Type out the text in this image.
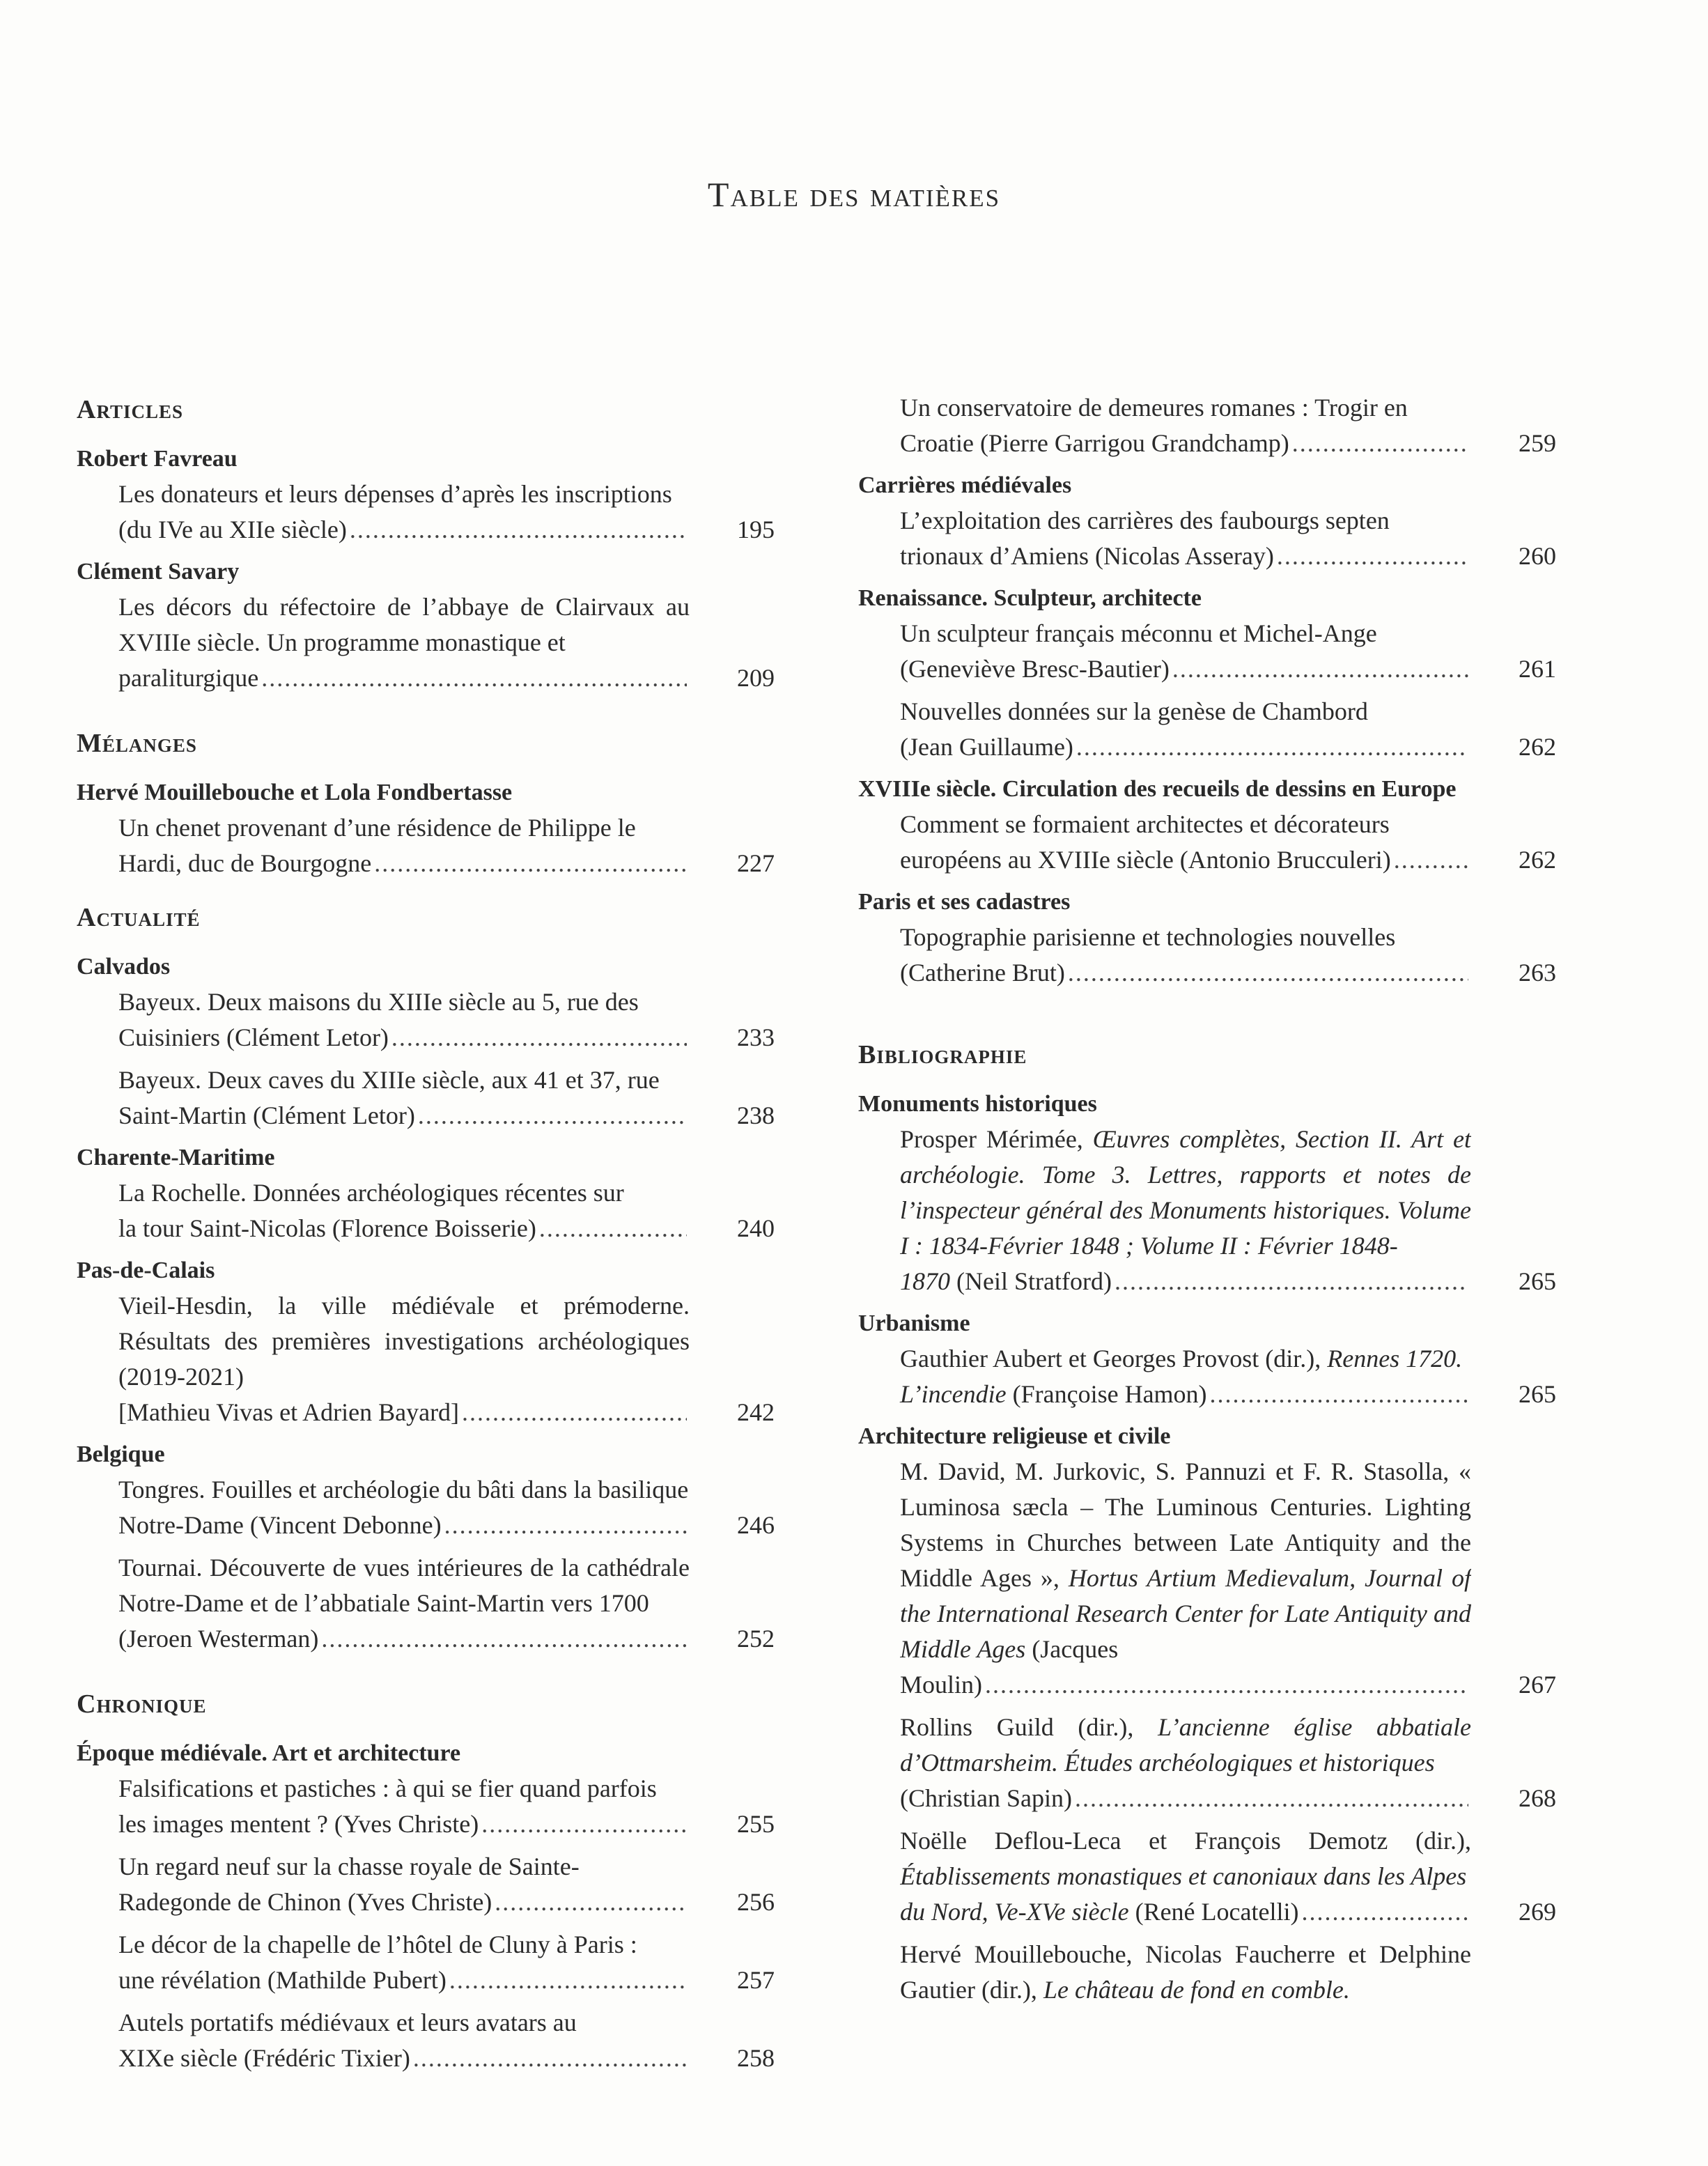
Table des matières
Articles
Robert Favreau
Les donateurs et leurs dépenses d’après les inscriptions
(du IVe au XIIe siècle) .....	195
Clément Savary
Les décors du réfectoire de l’abbaye de Clairvaux au XVIIIe siècle. Un programme monastique et
paraliturgique .....	209
Mélanges
Hervé Mouillebouche et Lola Fondbertasse
Un chenet provenant d’une résidence de Philippe le
Hardi, duc de Bourgogne .....	227
Actualité
Calvados
Bayeux. Deux maisons du XIIIe siècle au 5, rue des
Cuisiniers (Clément Letor) .....	233
Bayeux. Deux caves du XIIIe siècle, aux 41 et 37, rue
Saint-Martin (Clément Letor) .....	238
Charente-Maritime
La Rochelle. Données archéologiques récentes sur
la tour Saint-Nicolas (Florence Boisserie) .....	240
Pas-de-Calais
Vieil-Hesdin, la ville médiévale et prémoderne. Résultats des premières investigations archéologiques (2019-2021)
[Mathieu Vivas et Adrien Bayard] .....	242
Belgique
Tongres. Fouilles et archéologie du bâti dans la basilique
Notre-Dame (Vincent Debonne) .....	246
Tournai. Découverte de vues intérieures de la cathédrale Notre-Dame et de l’abbatiale Saint-Martin vers 1700
(Jeroen Westerman) .....	252
Chronique
Époque médiévale. Art et architecture
Falsifications et pastiches : à qui se fier quand parfois
les images mentent ? (Yves Christe) .....	255
Un regard neuf sur la chasse royale de Sainte-
Radegonde de Chinon (Yves Christe) .....	256
Le décor de la chapelle de l’hôtel de Cluny à Paris :
une révélation (Mathilde Pubert) .....	257
Autels portatifs médiévaux et leurs avatars au
XIXe siècle (Frédéric Tixier) .....	258
Un conservatoire de demeures romanes : Trogir en
Croatie (Pierre Garrigou Grandchamp) .....	259
Carrières médiévales
L’exploitation des carrières des faubourgs septen
trionaux d’Amiens (Nicolas Asseray) .....	260
Renaissance. Sculpteur, architecte
Un sculpteur français méconnu et Michel-Ange
(Geneviève Bresc-Bautier) .....	261
Nouvelles données sur la genèse de Chambord
(Jean Guillaume) .....	262
XVIIIe siècle. Circulation des recueils de dessins en Europe
Comment se formaient architectes et décorateurs
européens au XVIIIe siècle (Antonio Brucculeri) .....	262
Paris et ses cadastres
Topographie parisienne et technologies nouvelles
(Catherine Brut) .....	263
Bibliographie
Monuments historiques
Prosper Mérimée, Œuvres complètes, Section II. Art et archéologie. Tome 3. Lettres, rapports et notes de l’inspecteur général des Monuments historiques. Volume I : 1834-Février 1848 ; Volume II : Février 1848-
1870 (Neil Stratford) .....	265
Urbanisme
Gauthier Aubert et Georges Provost (dir.), Rennes 1720.
L’incendie (Françoise Hamon) .....	265
Architecture religieuse et civile
M. David, M. Jurkovic, S. Pannuzi et F. R. Stasolla, « Luminosa sæcla – The Luminous Centuries. Lighting Systems in Churches between Late Antiquity and the Middle Ages », Hortus Artium Medievalum, Journal of the International Research Center for Late Antiquity and Middle Ages (Jacques
Moulin) .....	267
Rollins Guild (dir.), L’ancienne église abbatiale d’Ottmarsheim. Études archéologiques et historiques
(Christian Sapin) .....	268
Noëlle Deflou-Leca et François Demotz (dir.), Établissements monastiques et canoniaux dans les Alpes
du Nord, Ve-XVe siècle (René Locatelli) .....	269
Hervé Mouillebouche, Nicolas Faucherre et Delphine Gautier (dir.), Le château de fond en comble.
